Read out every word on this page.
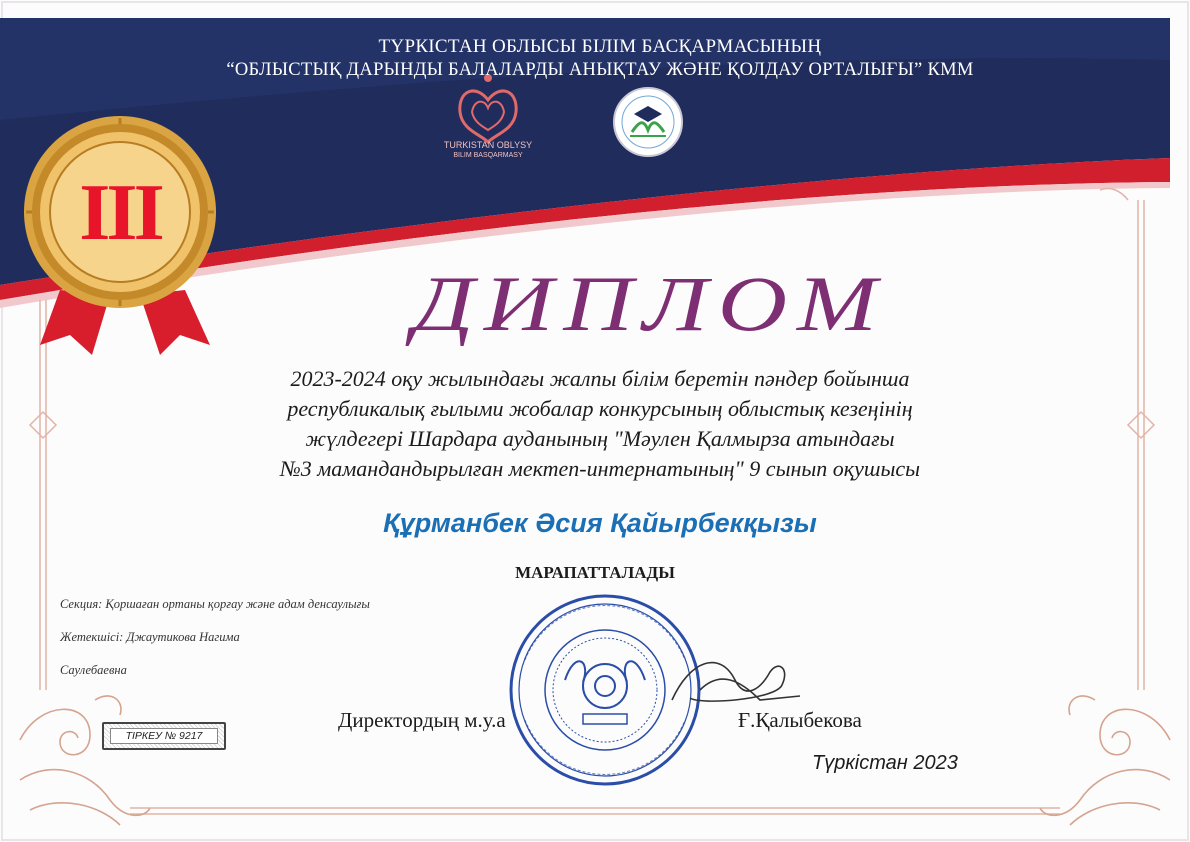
ТҮРКІСТАН ОБЛЫСЫ БІЛІМ БАСҚАРМАСЫНЫҢ
“ОБЛЫСТЫҚ ДАРЫНДЫ БАЛАЛАРДЫ АНЫҚТАУ ЖӘНЕ ҚОЛДАУ ОРТАЛЫҒЫ” КММ
TURKISTAN OBLYSY
BILIM BASQARMASY
III
ДИПЛОМ
2023-2024 оқу жылындағы жалпы білім беретін пәндер бойынша
республикалық ғылыми жобалар конкурсының облыстық кезеңінің
жүлдегері Шардара ауданының "Мәулен Қалмырза атындағы
№3 мамандандырылған мектеп-интернатының" 9 сынып оқушысы
Құрманбек Әсия Қайырбекқызы
МАРАПАТТАЛАДЫ
Секция: Қоршаған ортаны қорғау және адам денсаулығы
Жетекшісі: Джаутикова Нагима
Саулебаевна
ТІРКЕУ № 9217
Директордың м.у.а	Ғ.Қалыбекова
Түркістан 2023
